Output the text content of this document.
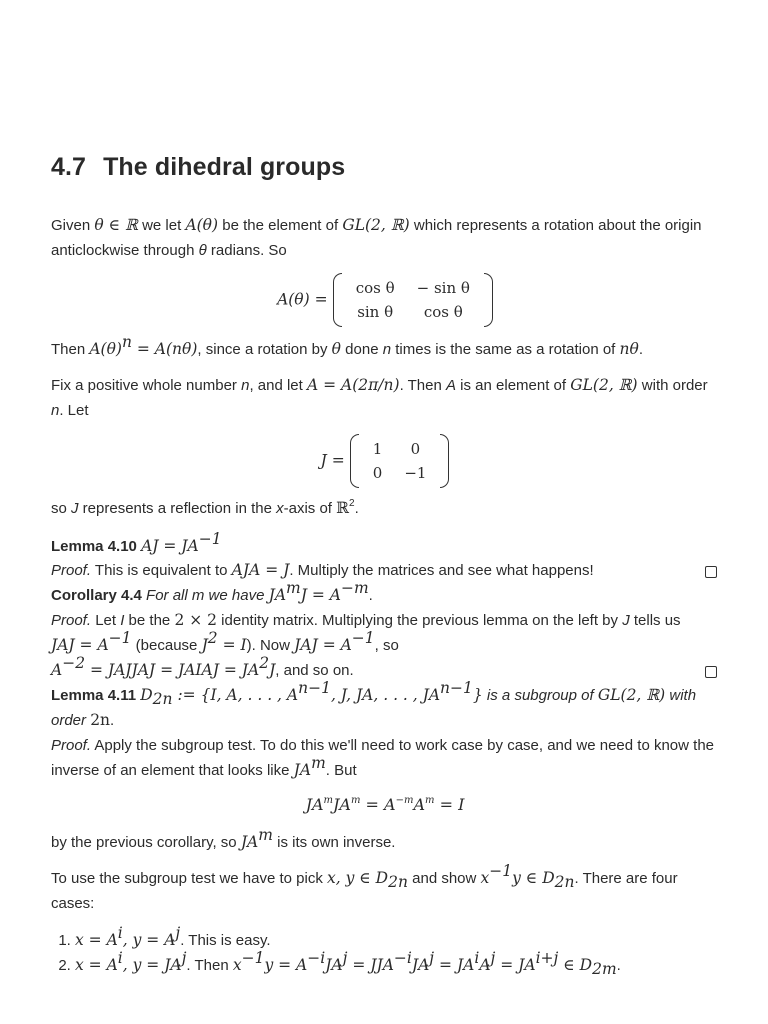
4.7 The dihedral groups

Given θ ∈ ℝ we let A(θ) be the element of GL(2, ℝ) which represents a rotation about the origin anticlockwise through θ radians. So

A(θ) =
cos θ	− sin θ
sin θ	cos θ

Then $A(\theta)^n = A(n\theta)$, since a rotation by θ done n times is the same as a rotation of nθ.

Fix a positive whole number n, and let A = A(2π/n). Then A is an element of GL(2, ℝ) with order n. Let

J =
1	0
0	−1

so J represents a reflection in the x-axis of ℝ$^2$.

Lemma 4.10 AJ = $JA^{-1}$

Proof. This is equivalent to AJA = J. Multiply the matrices and see what happens!

Corollary 4.4 For all m we have $JA^mJ = A^{-m}$.

Proof. Let I be the 2 × 2 identity matrix. Multiplying the previous lemma on the left by J tells us
JAJ = $A^{-1}$ (because $J^2 = I$). Now JAJ = $A^{-1}$, so
$A^{-2}$ = JAJJAJ = JAIAJ = $JA^2J$, and so on.

Lemma 4.11 $D_{2n}$ := {I, A, . . . , $A^{n-1}$, J, JA, . . . , $JA^{n-1}$} is a subgroup of GL(2, ℝ) with
order 2n.

Proof. Apply the subgroup test. To do this we'll need to work case by case, and we need to know the inverse of an element that looks like $JA^m$. But

$JA^mJA^m = A^{-m}A^m = I$

by the previous corollary, so $JA^m$ is its own inverse.

To use the subgroup test we have to pick x, y ∈ $D_{2n}$ and show $x^{-1}y$ ∈ $D_{2n}$. There are four cases:

1. $x = A^i$, $y = A^j$. This is easy.
2. $x = A^i$, $y = JA^j$. Then $x^{-1}y = A^{-i}JA^j = JJA^{-i}JA^j = JA^iA^j = JA^{i+j}$ ∈ $D_{2m}$.
